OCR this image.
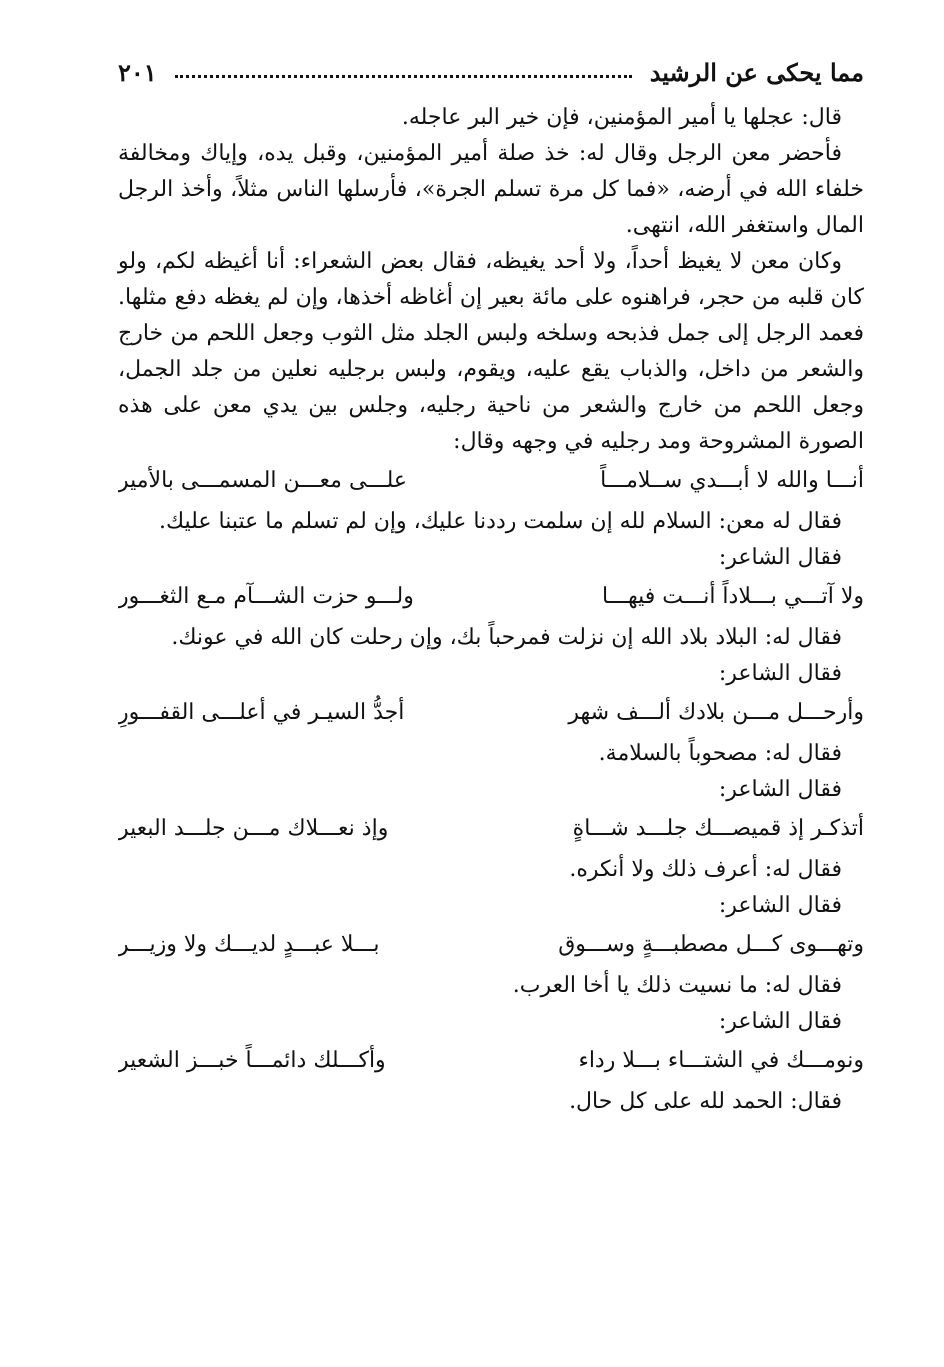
مما يحكى عن الرشيد
٢٠١

قال: عجلها يا أمير المؤمنين، فإن خير البر عاجله.

فأحضر معن الرجل وقال له: خذ صلة أمير المؤمنين، وقبل يده، وإياك ومخالفة خلفاء الله في أرضه، «فما كل مرة تسلم الجرة»، فأرسلها الناس مثلاً، وأخذ الرجل المال واستغفر الله، انتهى.

وكان معن لا يغيظ أحداً، ولا أحد يغيظه، فقال بعض الشعراء: أنا أغيظه لكم، ولو كان قلبه من حجر، فراهنوه على مائة بعير إن أغاظه أخذها، وإن لم يغظه دفع مثلها. فعمد الرجل إلى جمل فذبحه وسلخه ولبس الجلد مثل الثوب وجعل اللحم من خارج والشعر من داخل، والذباب يقع عليه، ويقوم، ولبس برجليه نعلين من جلد الجمل، وجعل اللحم من خارج والشعر من ناحية رجليه، وجلس بين يدي معن على هذه الصورة المشروحة ومد رجليه في وجهه وقال:

أنـــا والله لا أبـــدي ســلامـــاً
علـــى معـــن المسمـــى بالأمير

فقال له معن: السلام لله إن سلمت رددنا عليك، وإن لم تسلم ما عتبنا عليك.

فقال الشاعر:

ولا آتـــي بـــلاداً أنـــت فيهـــا
ولـــو حزت الشـــآم مـع الثغـــور

فقال له: البلاد بلاد الله إن نزلت فمرحباً بك، وإن رحلت كان الله في عونك.

فقال الشاعر:

وأرحـــل مـــن بلادك ألـــف شهر
أجدُّ السيـر في أعلـــى القفـــورِ

فقال له: مصحوباً بالسلامة.

فقال الشاعر:

أتذكـر إذ قميصـــك جلـــد شـــاةٍ
وإذ نعـــلاك مـــن جلـــد البعير

فقال له: أعرف ذلك ولا أنكره.

فقال الشاعر:

وتهـــوى كـــل مصطبـــةٍ وســـوق
بـــلا عبـــدٍ لديـــك ولا وزيـــر

فقال له: ما نسيت ذلك يا أخا العرب.

فقال الشاعر:

ونومـــك في الشتـــاء بـــلا رداء
وأكـــلك دائمـــاً خبـــز الشعير

فقال: الحمد لله على كل حال.
